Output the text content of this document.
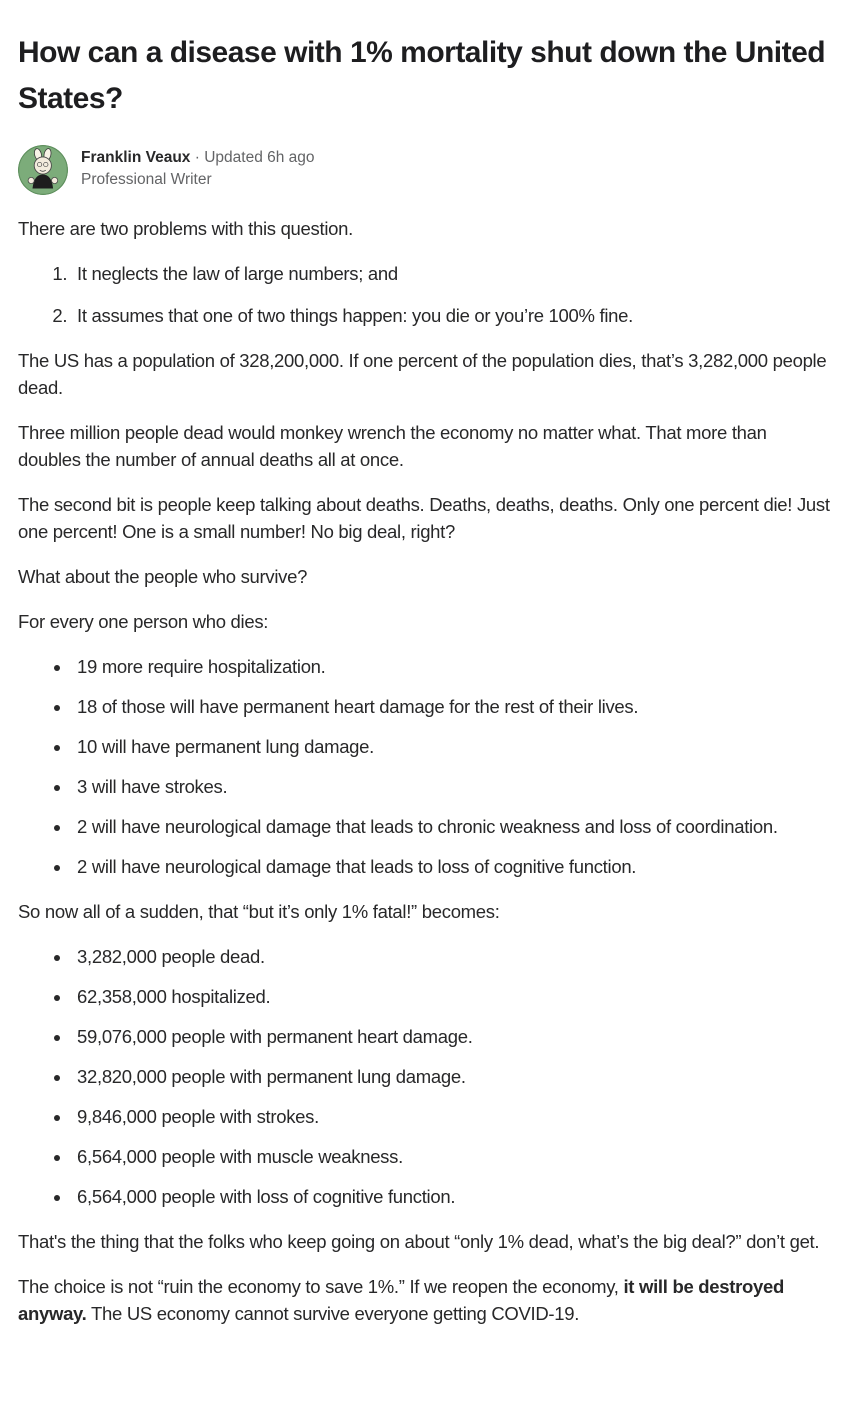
How can a disease with 1% mortality shut down the United States?
Franklin Veaux · Updated 6h ago
Professional Writer

There are two problems with this question.

1. It neglects the law of large numbers; and
2. It assumes that one of two things happen: you die or you’re 100% fine.

The US has a population of 328,200,000. If one percent of the population dies, that’s 3,282,000 people dead.

Three million people dead would monkey wrench the economy no matter what. That more than doubles the number of annual deaths all at once.

The second bit is people keep talking about deaths. Deaths, deaths, deaths. Only one percent die! Just one percent! One is a small number! No big deal, right?

What about the people who survive?

For every one person who dies:

• 19 more require hospitalization.
• 18 of those will have permanent heart damage for the rest of their lives.
• 10 will have permanent lung damage.
• 3 will have strokes.
• 2 will have neurological damage that leads to chronic weakness and loss of coordination.
• 2 will have neurological damage that leads to loss of cognitive function.

So now all of a sudden, that “but it’s only 1% fatal!” becomes:

• 3,282,000 people dead.
• 62,358,000 hospitalized.
• 59,076,000 people with permanent heart damage.
• 32,820,000 people with permanent lung damage.
• 9,846,000 people with strokes.
• 6,564,000 people with muscle weakness.
• 6,564,000 people with loss of cognitive function.

That's the thing that the folks who keep going on about “only 1% dead, what’s the big deal?” don’t get.

The choice is not “ruin the economy to save 1%.” If we reopen the economy, it will be destroyed anyway. The US economy cannot survive everyone getting COVID-19.
